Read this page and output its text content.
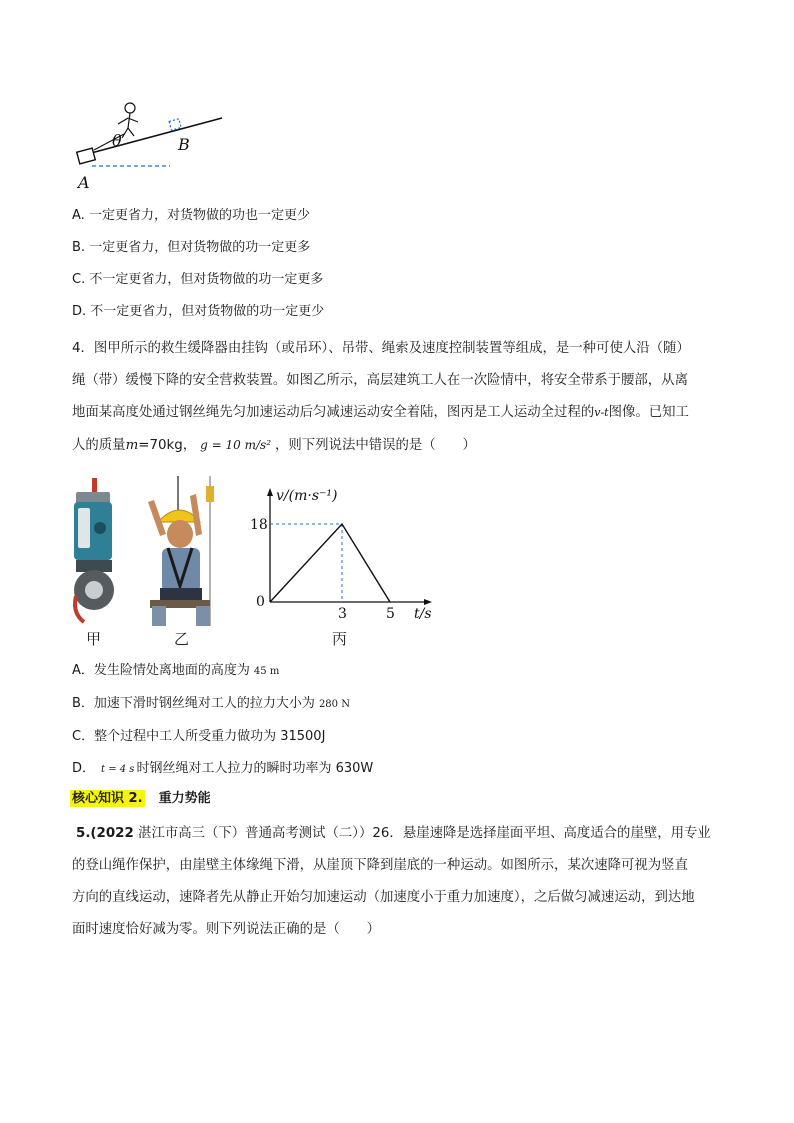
θ	B
A
A. 一定更省力，对货物做的功也一定更少
B. 一定更省力，但对货物做的功一定更多
C. 不一定更省力，但对货物做的功一定更多
D. 不一定更省力，但对货物做的功一定更少
4．图甲所示的救生缓降器由挂钩（或吊环）、吊带、绳索及速度控制装置等组成，是一种可使人沿（随）
绳（带）缓慢下降的安全营救装置。如图乙所示，高层建筑工人在一次险情中，将安全带系于腰部，从离
地面某高度处通过钢丝绳先匀加速运动后匀减速运动安全着陆，图丙是工人运动全过程的v-t图像。已知工
人的质量m=70kg， g = 10 m/s² ，则下列说法中错误的是（　　）
甲	乙	丙
v/(m·s⁻¹)
t/s
0
3	5
18
A．发生险情处离地面的高度为 45 m
B．加速下滑时钢丝绳对工人的拉力大小为 280 N
C．整个过程中工人所受重力做功为 31500J
D． t = 4 s 时钢丝绳对工人拉力的瞬时功率为 630W
核心知识 2. 重力势能
5.(2022 湛江市高三（下）普通高考测试（二））26．悬崖速降是选择崖面平坦、高度适合的崖壁，用专业
的登山绳作保护，由崖壁主体缘绳下滑，从崖顶下降到崖底的一种运动。如图所示，某次速降可视为竖直
方向的直线运动，速降者先从静止开始匀加速运动（加速度小于重力加速度），之后做匀减速运动，到达地
面时速度恰好减为零。则下列说法正确的是（　　）
